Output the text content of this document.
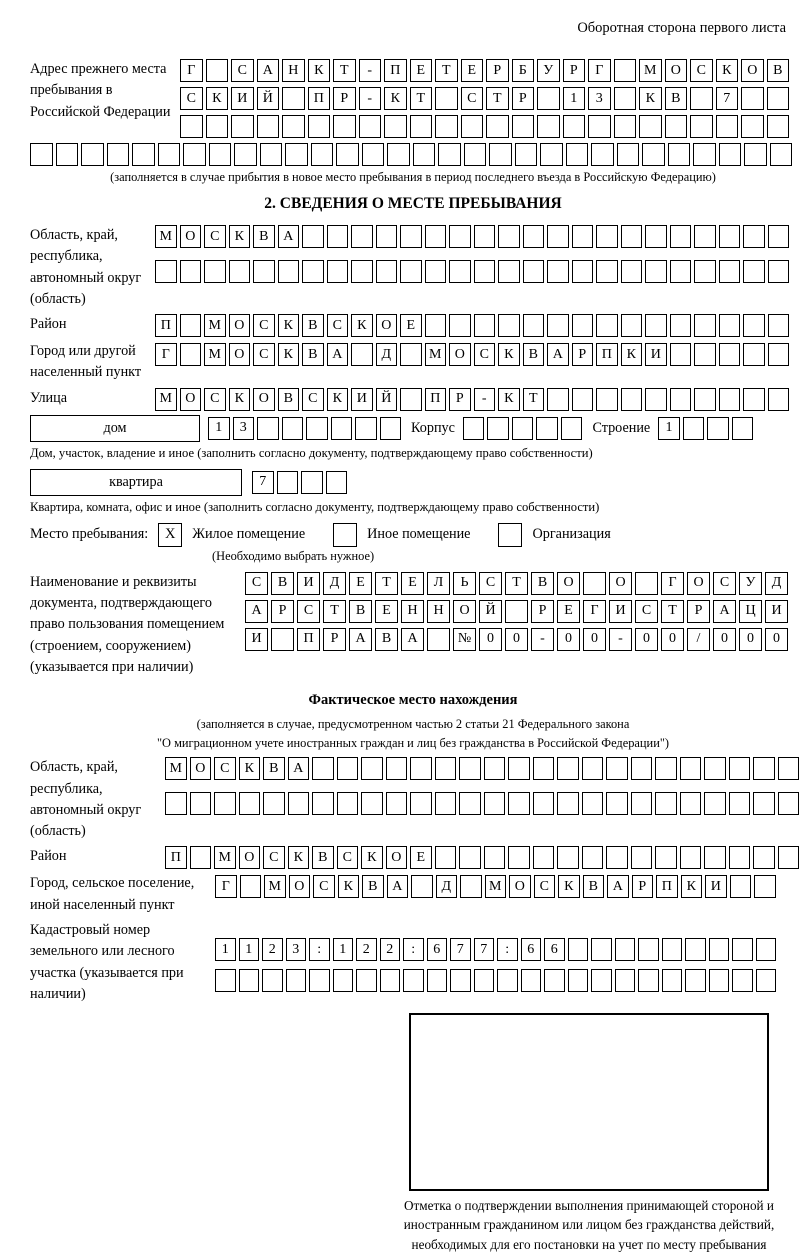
Оборотная сторона первого листа
Адрес прежнего места пребывания в Российской Федерации
Г	С	А	Н	К	Т	-	П	Е	Т	Е	Р	Б	У	Р	Г	М	О	С	К	О	В
С	К	И	Й	П	Р	-	К	Т	С	Т	Р	1	3	К	В	7
(заполняется в случае прибытия в новое место пребывания в период последнего въезда в Российскую Федерацию)
2. СВЕДЕНИЯ О МЕСТЕ ПРЕБЫВАНИЯ
Область, край, республика, автономный округ (область)
М О	С	К	В	А
Район	П	М О	С	К	В	С	К	О	Е
Город или другой населенный пункт
Г	М О	С	К	В	А	Д	М О	С	К	В	А	Р	П	К	И
Улица	М О	С	К	О	В	С	К	И	Й	П	Р	-	К	Т
дом	1	3	Корпус	Строение	1
Дом, участок, владение и иное (заполнить согласно документу, подтверждающему право собственности)
квартира	7
Квартира, комната, офис и иное (заполнить согласно документу, подтверждающему право собственности)
Место пребывания:	X	Жилое помещение	Иное помещение	Организация
(Необходимо выбрать нужное)
Наименование и реквизиты документа, подтверждающего право пользования помещением (строением, сооружением) (указывается при наличии)
С	В	И	Д	Е	Т	Е	Л	Ь	С	Т	В	О	О	Г	О	С	У	Д
А	Р	С	Т	В	Е	Н	Н	О	Й	Р	Е	Г	И	С	Т	Р	А	Ц	И
И	П	Р	А	В	А	№	0	0	-	0	0	-	0	0	/	0	0	0
Фактическое место нахождения
(заполняется в случае, предусмотренном частью 2 статьи 21 Федерального закона
"О миграционном учете иностранных граждан и лиц без гражданства в Российской Федерации")
Область, край, республика, автономный округ (область)
М О	С	К	В	А
Район	П	М О	С	К	В	С	К	О	Е
Город, сельское поселение, иной населенный пункт
Г	М О	С	К	В	А	Д	М О	С	К	В	А	Р	П	К	И
Кадастровый номер земельного или лесного участка (указывается при наличии)
1	1	2	3	:	1	2	2	:	6	7	7	:	6	6
Отметка о подтверждении выполнения принимающей стороной и иностранным гражданином или лицом без гражданства действий, необходимых для его постановки на учет по месту пребывания
